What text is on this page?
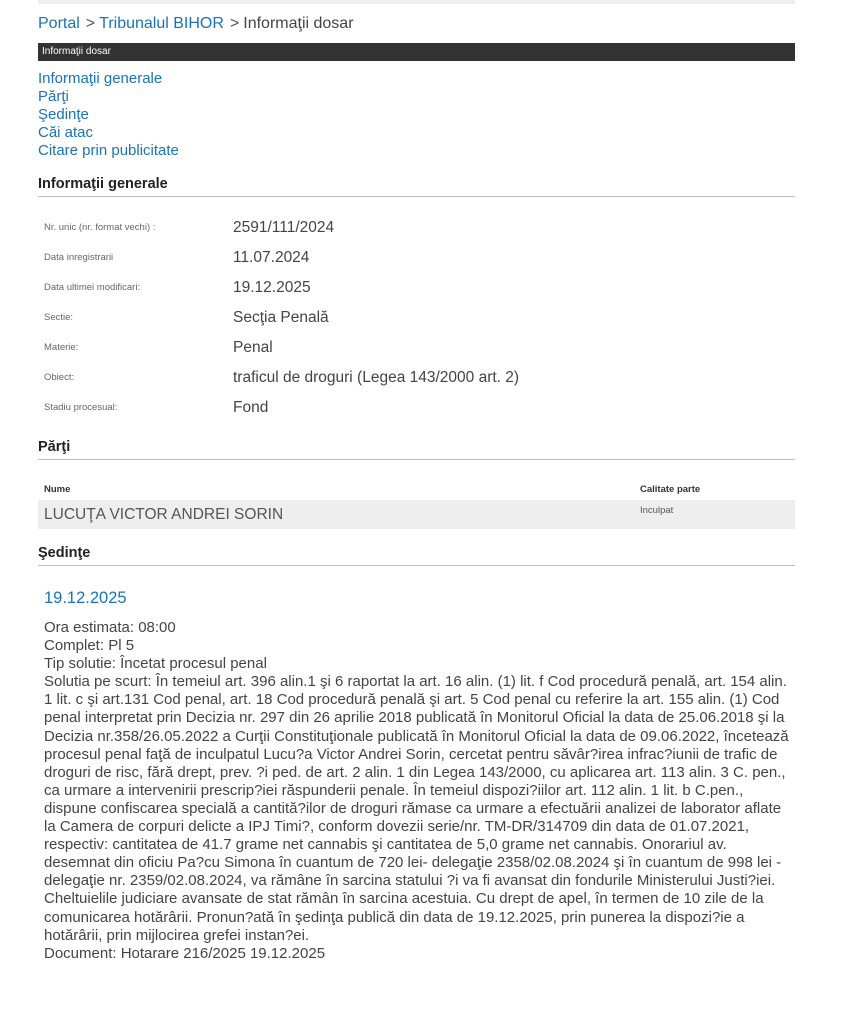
Portal > Tribunalul BIHOR > Informaţii dosar
Informaţii dosar
Informaţii generale
Părţi
Şedinţe
Căi atac
Citare prin publicitate
Informaţii generale
Nr. unic (nr. format vechi) :	2591/111/2024
Data inregistrarii	11.07.2024
Data ultimei modificari:	19.12.2025
Sectie:	Secţia Penală
Materie:	Penal
Obiect:	traficul de droguri (Legea 143/2000 art. 2)
Stadiu procesual:	Fond
Părţi
Nume	Calitate parte
LUCUŢA VICTOR ANDREI SORIN	Inculpat
Şedinţe
19.12.2025
Ora estimata: 08:00
Complet: Pl 5
Tip solutie: Încetat procesul penal
Solutia pe scurt: În temeiul art. 396 alin.1 şi 6 raportat la art. 16 alin. (1) lit. f Cod procedură penală, art. 154 alin. 1 lit. c şi art.131 Cod penal, art. 18 Cod procedură penală şi art. 5 Cod penal cu referire la art. 155 alin. (1) Cod penal interpretat prin Decizia nr. 297 din 26 aprilie 2018 publicată în Monitorul Oficial la data de 25.06.2018 şi la Decizia nr.358/26.05.2022 a Curţii Constituţionale publicată în Monitorul Oficial la data de 09.06.2022, încetează procesul penal faţă de inculpatul Lucu?a Victor Andrei Sorin, cercetat pentru săvâr?irea infrac?iunii de trafic de droguri de risc, fără drept, prev. ?i ped. de art. 2 alin. 1 din Legea 143/2000, cu aplicarea art. 113 alin. 3 C. pen., ca urmare a intervenirii prescrip?iei răspunderii penale. În temeiul dispozi?iilor art. 112 alin. 1 lit. b C.pen., dispune confiscarea specială a cantită?ilor de droguri rămase ca urmare a efectuării analizei de laborator aflate la Camera de corpuri delicte a IPJ Timi?, conform dovezii serie/nr. TM-DR/314709 din data de 01.07.2021, respectiv: cantitatea de 41.7 grame net cannabis şi cantitatea de 5,0 grame net cannabis. Onorariul av. desemnat din oficiu Pa?cu Simona în cuantum de 720 lei- delegaţie 2358/02.08.2024 şi în cuantum de 998 lei - delegaţie nr. 2359/02.08.2024, va rămâne în sarcina statului ?i va fi avansat din fondurile Ministerului Justi?iei. Cheltuielile judiciare avansate de stat rămân în sarcina acestuia. Cu drept de apel, în termen de 10 zile de la comunicarea hotărârii. Pronun?ată în şedinţa publică din data de 19.12.2025, prin punerea la dispozi?ie a hotărârii, prin mijlocirea grefei instan?ei.
Document: Hotarare 216/2025 19.12.2025
